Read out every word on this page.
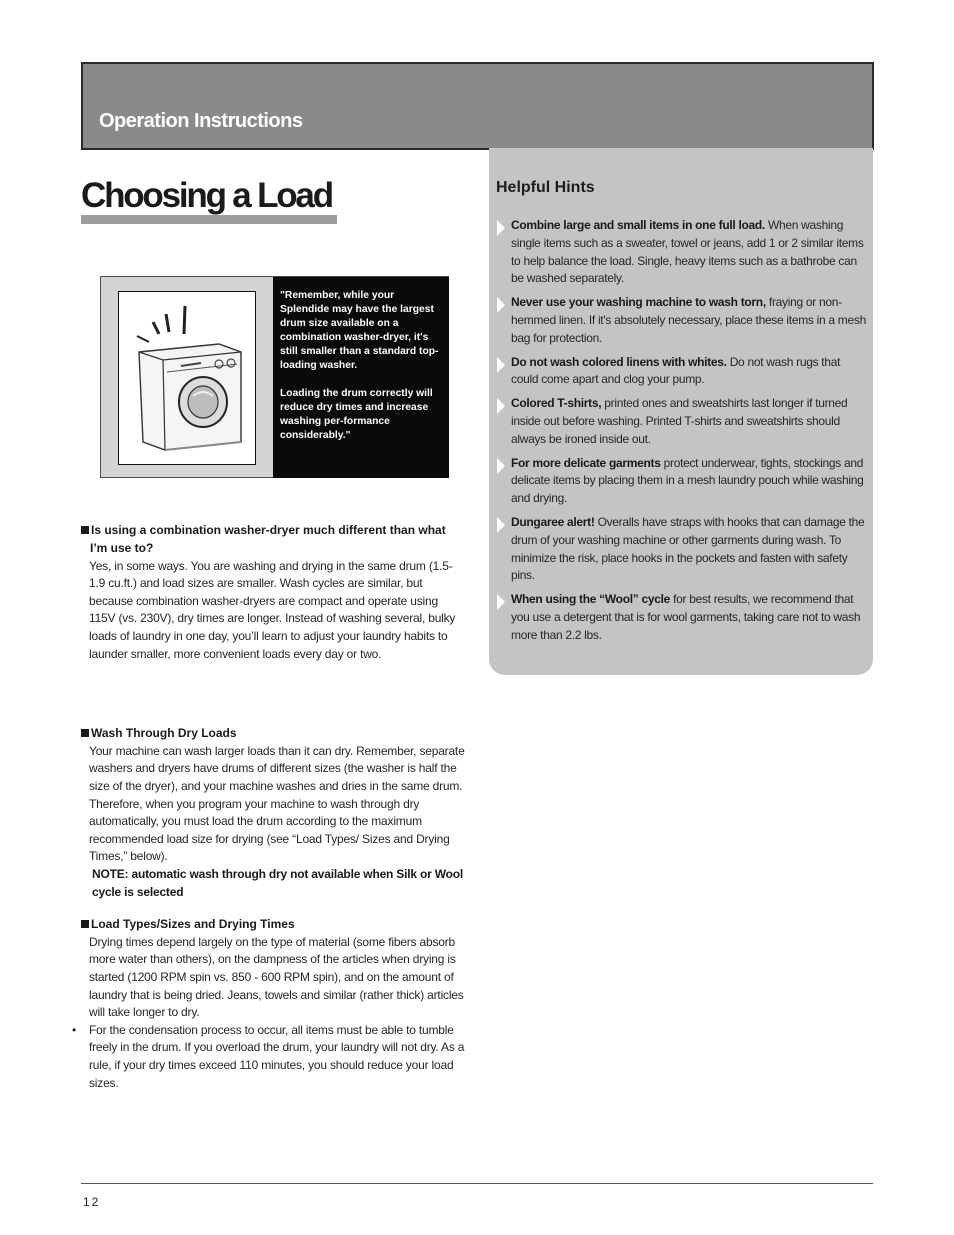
Operation Instructions
Choosing a Load	Helpful Hints
Combine large and small items in one full load. When washing single items such as a sweater, towel or jeans, add 1 or 2 similar items to help balance the load. Single, heavy items such as a bathrobe can be washed separately.
Never use your washing machine to wash torn, fraying or non-hemmed linen. If it's absolutely necessary, place these items in a mesh bag for protection.
Do not wash colored linens with whites. Do not wash rugs that could come apart and clog your pump.
Colored T-shirts, printed ones and sweatshirts last longer if turned inside out before washing. Printed T-shirts and sweatshirts should always be ironed inside out.
For more delicate garments protect underwear, tights, stockings and delicate items by placing them in a mesh laundry pouch while washing and drying.
Dungaree alert! Overalls have straps with hooks that can damage the drum of your washing machine or other garments during wash. To minimize the risk, place hooks in the pockets and fasten with safety pins.
When using the “Wool” cycle for best results, we recommend that you use a detergent that is for wool garments, taking care not to wash more than 2.2 lbs.

"Remember, while your Splendide may have the largest drum size available on a combination washer-dryer, it's still smaller than a standard top-loading washer.

Loading the drum correctly will reduce dry times and increase washing per-formance considerably."

Is using a combination washer-dryer much different than what
I’m use to?
Yes, in some ways. You are washing and drying in the same drum (1.5-1.9 cu.ft.) and load sizes are smaller. Wash cycles are similar, but because combination washer-dryers are compact and operate using 115V (vs. 230V), dry times are longer. Instead of washing several, bulky loads of laundry in one day, you’ll learn to adjust your laundry habits to launder smaller, more convenient loads every day or two.
Wash Through Dry Loads
Your machine can wash larger loads than it can dry. Remember, separate washers and dryers have drums of different sizes (the washer is half the size of the dryer), and your machine washes and dries in the same drum. Therefore, when you program your machine to wash through dry automatically, you must load the drum according to the maximum recommended load size for drying (see “Load Types/ Sizes and Drying Times,” below).
NOTE: automatic wash through dry not available when Silk or Wool cycle is selected
Load Types/Sizes and Drying Times
Drying times depend largely on the type of material (some fibers absorb more water than others), on the dampness of the articles when drying is started (1200 RPM spin vs. 850 - 600 RPM spin), and on the amount of laundry that is being dried. Jeans, towels and similar (rather thick) articles will take longer to dry.
• For the condensation process to occur, all items must be able to tumble freely in the drum. If you overload the drum, your laundry will not dry. As a rule, if your dry times exceed 110 minutes, you should reduce your load sizes.
12
